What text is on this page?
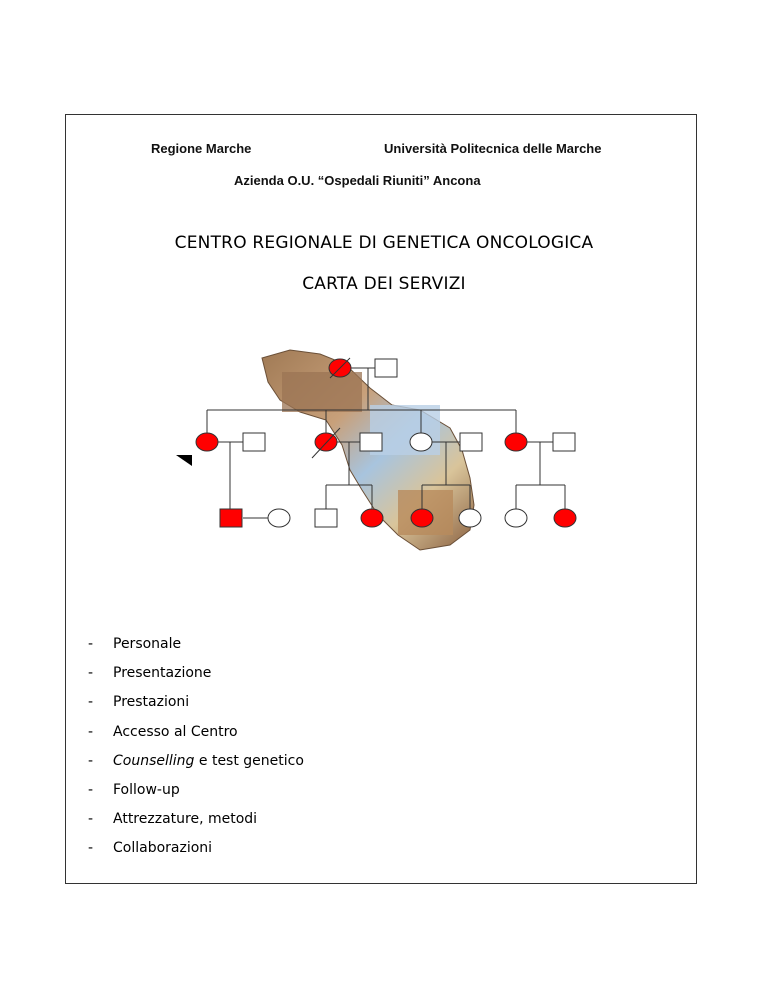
Regione Marche	Università Politecnica delle Marche
Azienda O.U. “Ospedali Riuniti” Ancona
CENTRO REGIONALE DI GENETICA ONCOLOGICA
CARTA DEI SERVIZI
- Personale
- Presentazione
- Prestazioni
- Accesso al Centro
- Counselling e test genetico
- Follow-up
- Attrezzature, metodi
- Collaborazioni
